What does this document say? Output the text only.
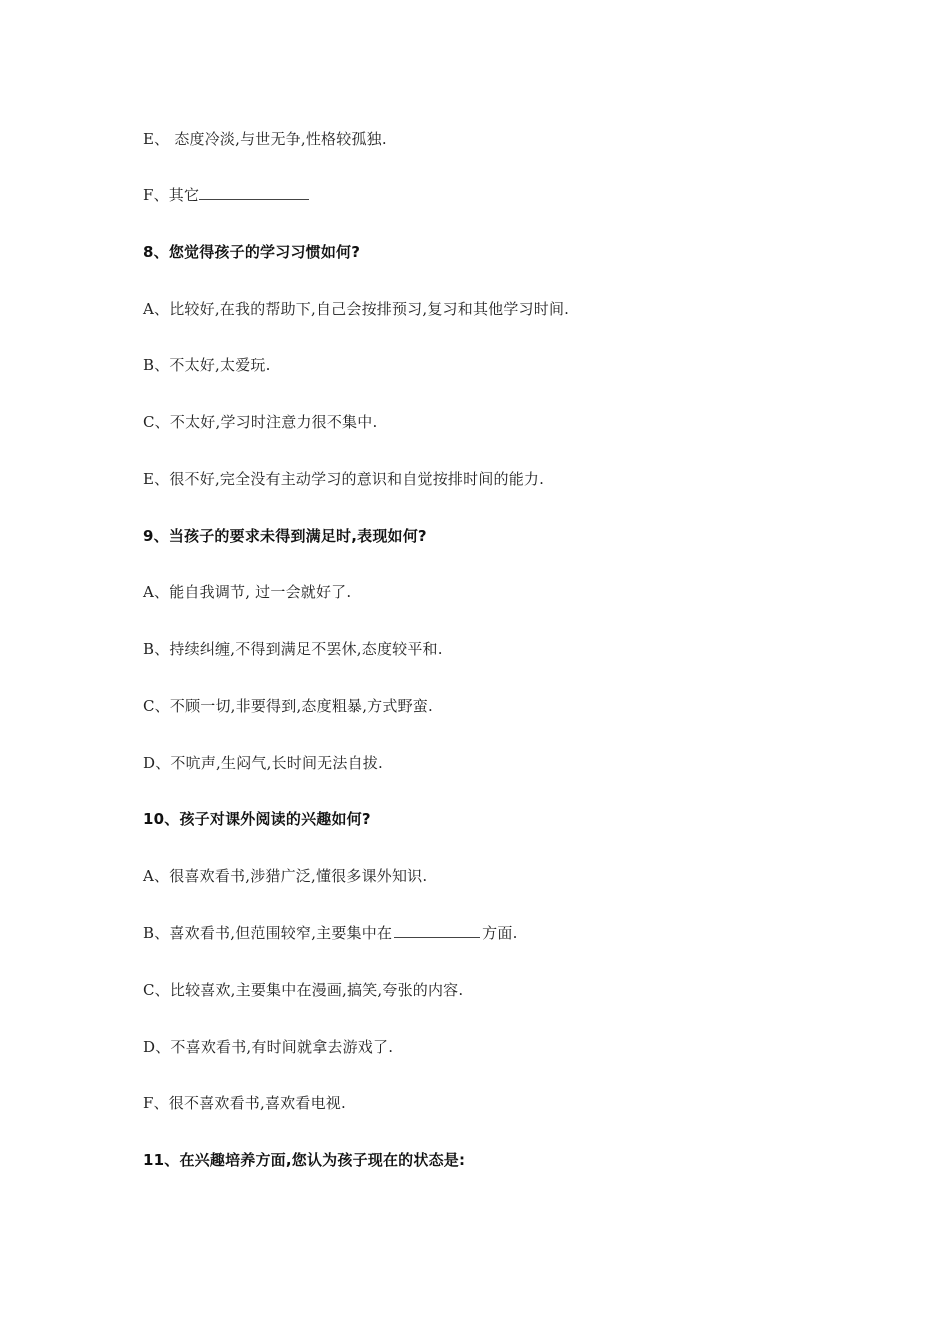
E、 态度冷淡,与世无争,性格较孤独.
F、其它
8、您觉得孩子的学习习惯如何?
A、比较好,在我的帮助下,自己会按排预习,复习和其他学习时间.
B、不太好,太爱玩.
C、不太好,学习时注意力很不集中.
E、很不好,完全没有主动学习的意识和自觉按排时间的能力.
9、当孩子的要求未得到满足时,表现如何?
A、能自我调节, 过一会就好了.
B、持续纠缠,不得到满足不罢休,态度较平和.
C、不顾一切,非要得到,态度粗暴,方式野蛮.
D、不吭声,生闷气,长时间无法自拔.
10、孩子对课外阅读的兴趣如何?
A、很喜欢看书,涉猎广泛,懂很多课外知识.
B、喜欢看书,但范围较窄,主要集中在	方面.
C、比较喜欢,主要集中在漫画,搞笑,夸张的内容.
D、不喜欢看书,有时间就拿去游戏了.
F、很不喜欢看书,喜欢看电视.
11、在兴趣培养方面,您认为孩子现在的状态是:
